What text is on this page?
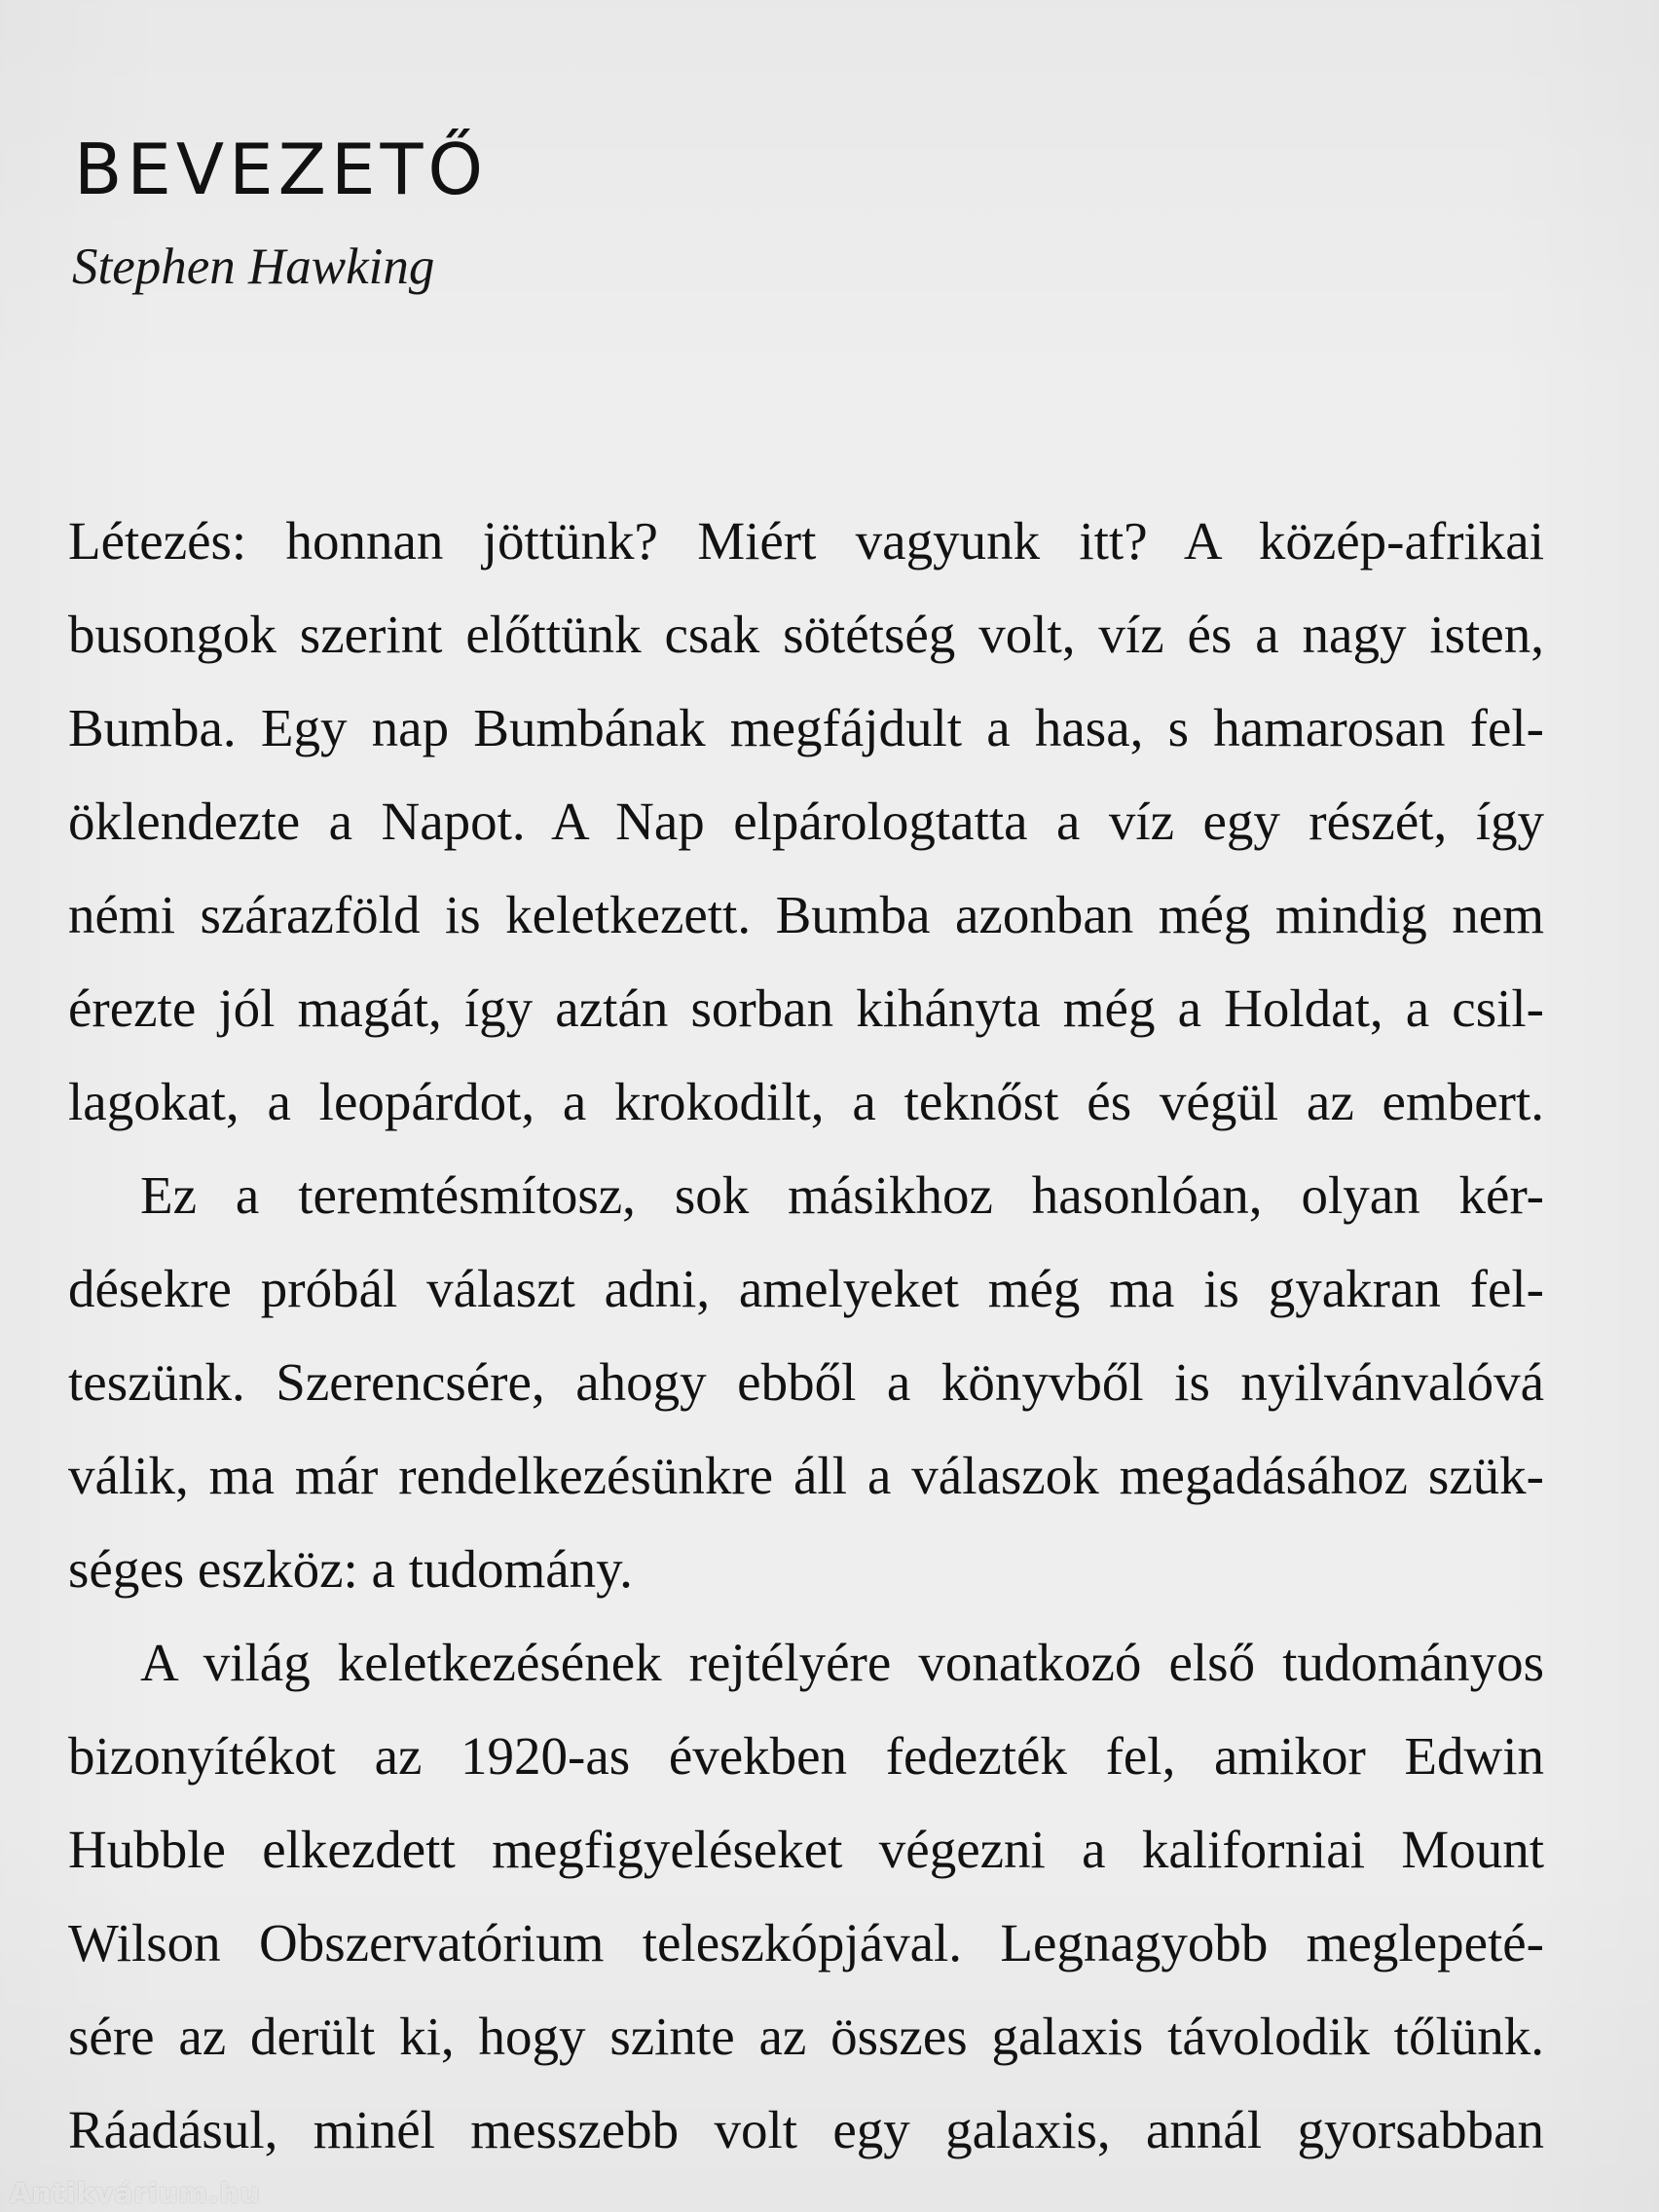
BEVEZETŐ

Stephen Hawking

Létezés: honnan jöttünk? Miért vagyunk itt? A közép-afrikai
busongok szerint előttünk csak sötétség volt, víz és a nagy isten,
Bumba. Egy nap Bumbának megfájdult a hasa, s hamarosan fel-
öklendezte a Napot. A Nap elpárologtatta a víz egy részét, így
némi szárazföld is keletkezett. Bumba azonban még mindig nem
érezte jól magát, így aztán sorban kihányta még a Holdat, a csil-
lagokat, a leopárdot, a krokodilt, a teknőst és végül az embert.
Ez a teremtésmítosz, sok másikhoz hasonlóan, olyan kér-
désekre próbál választ adni, amelyeket még ma is gyakran fel-
teszünk. Szerencsére, ahogy ebből a könyvből is nyilvánvalóvá
válik, ma már rendelkezésünkre áll a válaszok megadásához szük-
séges eszköz: a tudomány.
A világ keletkezésének rejtélyére vonatkozó első tudományos
bizonyítékot az 1920-as években fedezték fel, amikor Edwin
Hubble elkezdett megfigyeléseket végezni a kaliforniai Mount
Wilson Obszervatórium teleszkópjával. Legnagyobb meglepeté-
sére az derült ki, hogy szinte az összes galaxis távolodik tőlünk.
Ráadásul, minél messzebb volt egy galaxis, annál gyorsabban
Antikvárium.hu
